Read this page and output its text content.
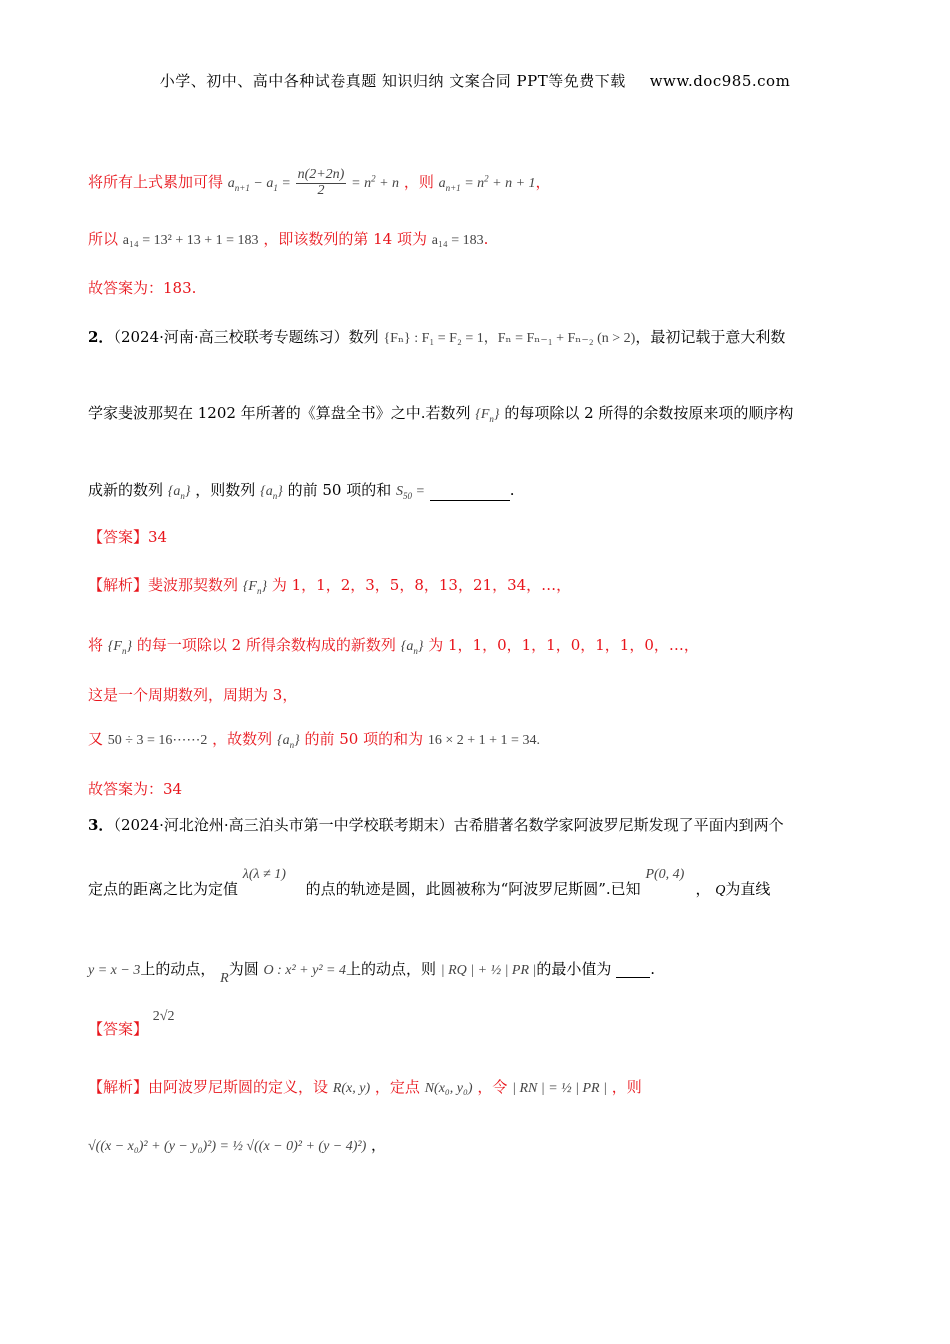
小学、初中、高中各种试卷真题 知识归纳 文案合同 PPT等免费下载 www.doc985.com
将所有上式累加可得 $a_{n+1} - a_1 = \frac{n(2+2n)}{2} = n^2 + n$ ，则 $a_{n+1} = n^2 + n + 1$，
所以 a₁₄ = 13² + 13 + 1 = 183 ，即该数列的第 14 项为 a₁₄ = 183.
故答案为：183.
2．（2024·河南·高三校联考专题练习）数列 {Fₙ} : F₁ = F₂ = 1，Fₙ = Fₙ₋₁ + Fₙ₋₂ (n > 2)，最初记载于意大利数
学家斐波那契在 1202 年所著的《算盘全书》之中.若数列 $\{F_n\}$ 的每项除以 2 所得的余数按原来项的顺序构
成新的数列 $\{a_n\}$ ，则数列 $\{a_n\}$ 的前 50 项的和 $S_{50}$ =	.
【答案】34
【解析】斐波那契数列 $\{F_n\}$ 为 1，1，2，3，5，8，13，21，34，…，
将 $\{F_n\}$ 的每一项除以 2 所得余数构成的新数列 $\{a_n\}$ 为 1，1，0，1，1，0，1，1，0，…，
这是一个周期数列，周期为 3，
又 50 ÷ 3 = 16⋯⋯2 ，故数列 $\{a_n\}$ 的前 50 项的和为 16 × 2 + 1 + 1 = 34.
故答案为：34
3．（2024·河北沧州·高三泊头市第一中学校联考期末）古希腊著名数学家阿波罗尼斯发现了平面内到两个
定点的距离之比为定值 λ(λ ≠ 1) 的点的轨迹是圆，此圆被称为“阿波罗尼斯圆”.已知 P(0, 4)， Q为直线
y = x − 3上的动点， R为圆 O : x² + y² = 4上的动点，则 | RQ | + ½ | PR |的最小值为	.
【答案】 2√2
【解析】由阿波罗尼斯圆的定义，设 R(x, y) ，定点 N(x₀, y₀) ，令 | RN | = ½ | PR | ，则
√((x − x₀)² + (y − y₀)²) = ½ √((x − 0)² + (y − 4)²) ，
